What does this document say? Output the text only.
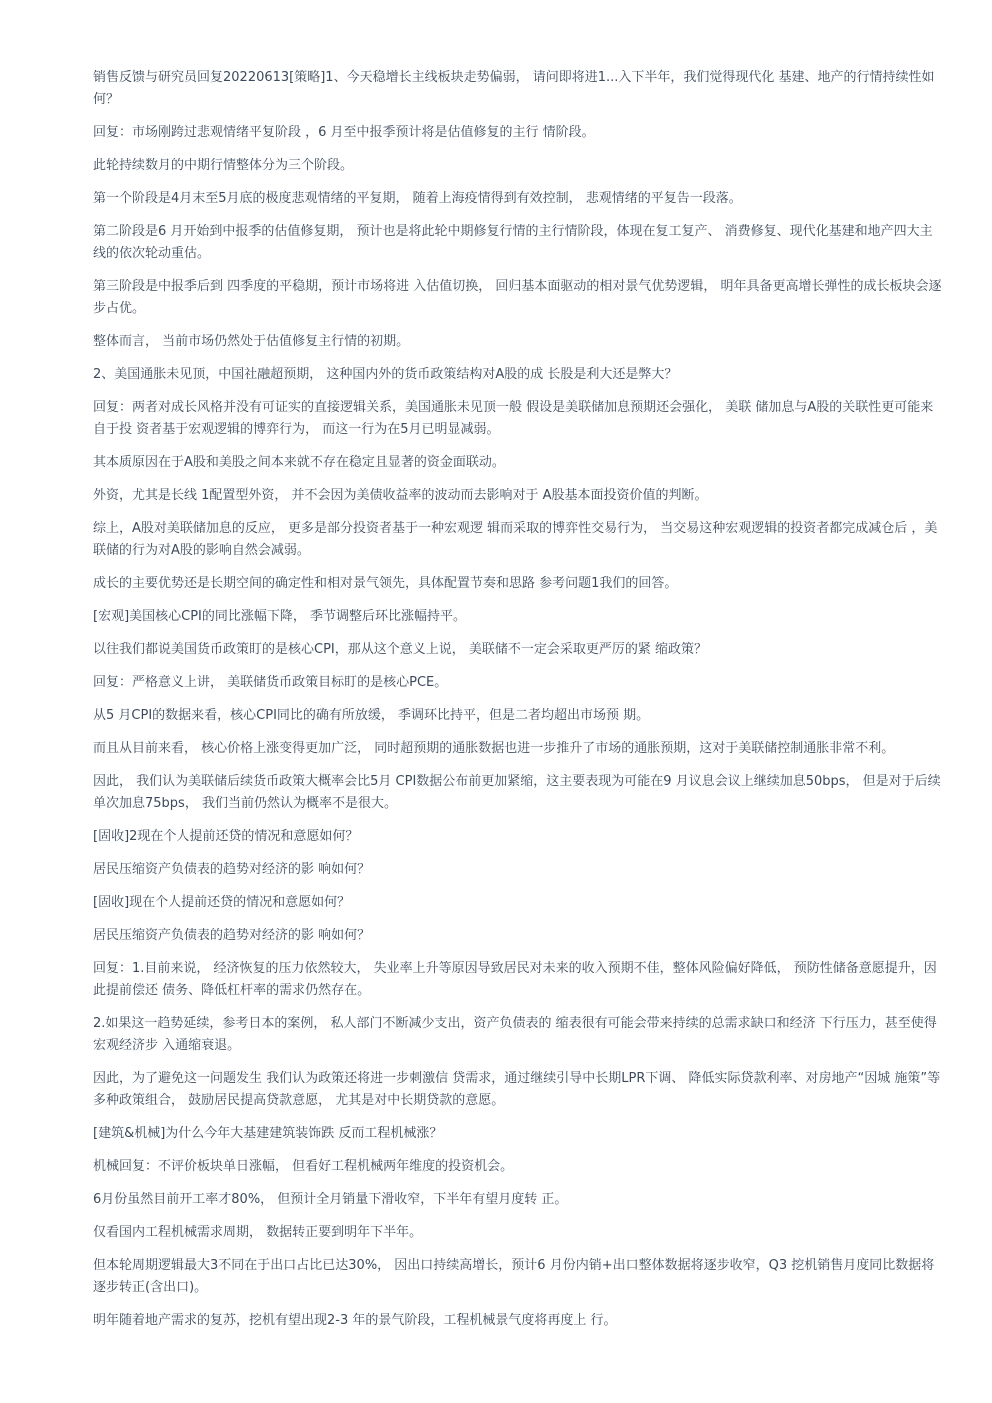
销售反馈与研究员回复20220613[策略]1、今天稳增长主线板块走势偏弱， 请问即将进1...入下半年，我们觉得现代化 基建、地产的行情持续性如何？

回复：市场刚跨过悲观情绪平复阶段 ，6 月至中报季预计将是估值修复的主行 情阶段。

此轮持续数月的中期行情整体分为三个阶段。

第一个阶段是4月末至5月底的极度悲观情绪的平复期， 随着上海疫情得到有效控制， 悲观情绪的平复告一段落。

第二阶段是6 月开始到中报季的估值修复期， 预计也是将此轮中期修复行情的主行情阶段，体现在复工复产、 消费修复、现代化基建和地产四大主线的依次轮动重估。

第三阶段是中报季后到 四季度的平稳期，预计市场将进 入估值切换， 回归基本面驱动的相对景气优势逻辑， 明年具备更高增长弹性的成长板块会逐步占优。

整体而言， 当前市场仍然处于估值修复主行情的初期。

2、美国通胀未见顶，中国社融超预期， 这种国内外的货币政策结构对A股的成 长股是利大还是弊大？

回复：两者对成长风格并没有可证实的直接逻辑关系，美国通胀未见顶一般 假设是美联储加息预期还会强化， 美联 储加息与A股的关联性更可能来自于投 资者基于宏观逻辑的博弈行为， 而这一行为在5月已明显减弱。

其本质原因在于A股和美股之间本来就不存在稳定且显著的资金面联动。

外资，尤其是长线 1配置型外资， 并不会因为美债收益率的波动而去影响对于 A股基本面投资价值的判断。

综上，A股对美联储加息的反应， 更多是部分投资者基于一种宏观逻 辑而采取的博弈性交易行为， 当交易这种宏观逻辑的投资者都完成减仓后 ，美联储的行为对A股的影响自然会减弱。

成长的主要优势还是长期空间的确定性和相对景气领先，具体配置节奏和思路 参考问题1我们的回答。

[宏观]美国核心CPI的同比涨幅下降， 季节调整后环比涨幅持平。

以往我们都说美国货币政策盯的是核心CPI，那从这个意义上说， 美联储不一定会采取更严厉的紧 缩政策？

回复：严格意义上讲， 美联储货币政策目标盯的是核心PCE。

从5 月CPI的数据来看，核心CPI同比的确有所放缓， 季调环比持平，但是二者均超出市场预 期。

而且从目前来看， 核心价格上涨变得更加广泛， 同时超预期的通胀数据也进一步推升了市场的通胀预期，这对于美联储控制通胀非常不利。

因此， 我们认为美联储后续货币政策大概率会比5月 CPI数据公布前更加紧缩，这主要表现为可能在9 月议息会议上继续加息50bps， 但是对于后续单次加息75bps， 我们当前仍然认为概率不是很大。

[固收]2现在个人提前还贷的情况和意愿如何？

居民压缩资产负债表的趋势对经济的影 响如何？

[固收]现在个人提前还贷的情况和意愿如何？

居民压缩资产负债表的趋势对经济的影 响如何？

回复：1.目前来说， 经济恢复的压力依然较大， 失业率上升等原因导致居民对未来的收入预期不佳，整体风险偏好降低， 预防性储备意愿提升，因此提前偿还 债务、降低杠杆率的需求仍然存在。

2.如果这一趋势延续，参考日本的案例， 私人部门不断减少支出，资产负债表的 缩表很有可能会带来持续的总需求缺口和经济 下行压力，甚至使得宏观经济步 入通缩衰退。

因此，为了避免这一问题发生 我们认为政策还将进一步刺激信 贷需求，通过继续引导中长期LPR下调、 降低实际贷款利率、对房地产“因城 施策”等多种政策组合， 鼓励居民提高贷款意愿， 尤其是对中长期贷款的意愿。

[建筑&机械]为什么今年大基建建筑装饰跌 反而工程机械涨？

机械回复：不评价板块单日涨幅， 但看好工程机械两年维度的投资机会。

6月份虽然目前开工率才80%， 但预计全月销量下滑收窄，下半年有望月度转 正。

仅看国内工程机械需求周期， 数据转正要到明年下半年。

但本轮周期逻辑最大3不同在于出口占比已达30%， 因出口持续高增长，预计6 月份内销+出口整体数据将逐步收窄，Q3 挖机销售月度同比数据将逐步转正(含出口)。

明年随着地产需求的复苏，挖机有望出现2-3 年的景气阶段，工程机械景气度将再度上 行。
